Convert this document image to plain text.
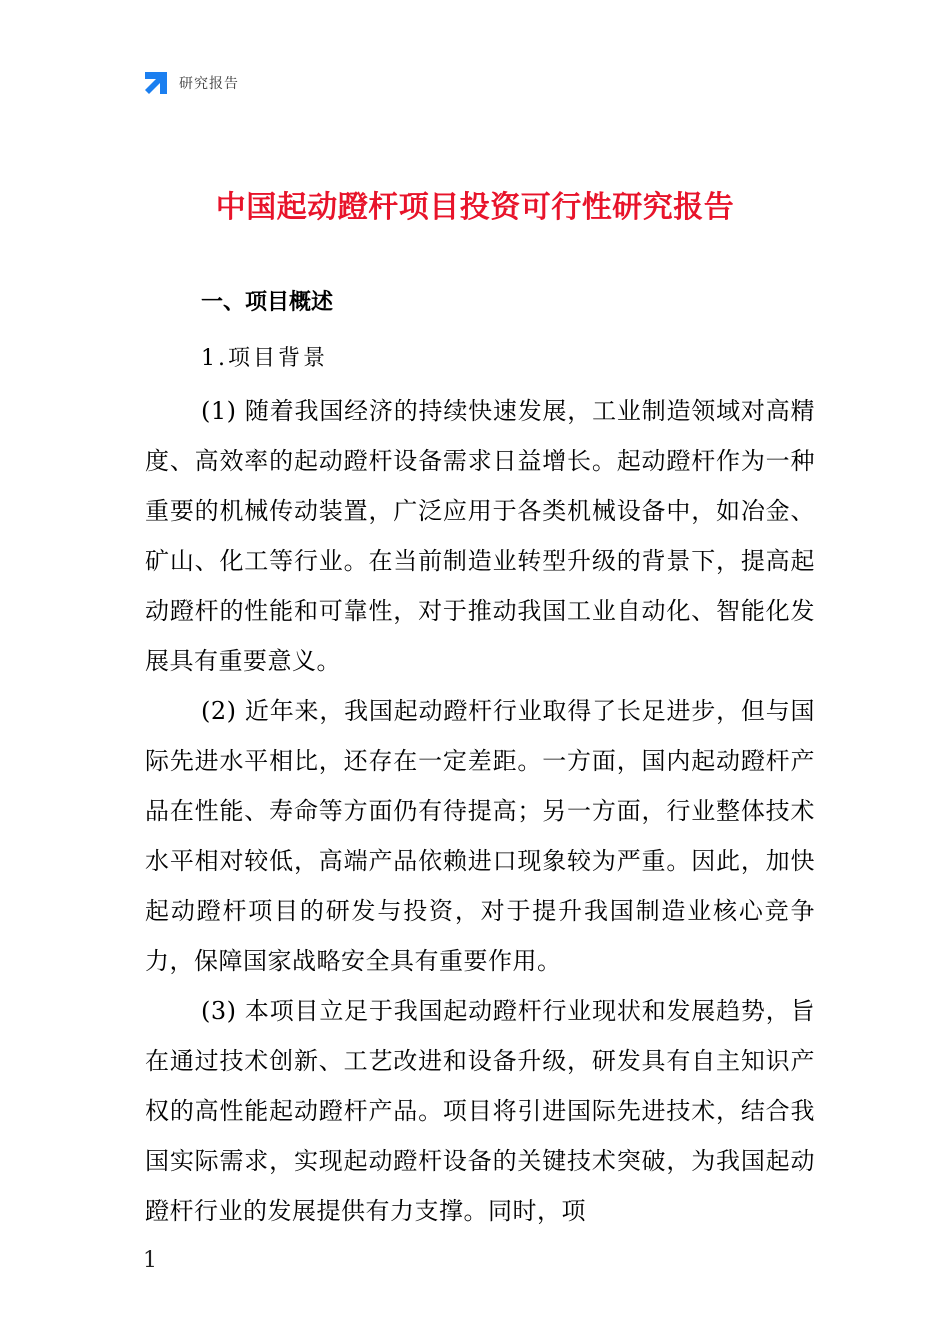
研究报告
中国起动蹬杆项目投资可行性研究报告
一、项目概述
1.项目背景

(1) 随着我国经济的持续快速发展，工业制造领域对高精度、高效率的起动蹬杆设备需求日益增长。起动蹬杆作为一种重要的机械传动装置，广泛应用于各类机械设备中，如冶金、矿山、化工等行业。在当前制造业转型升级的背景下，提高起动蹬杆的性能和可靠性，对于推动我国工业自动化、智能化发展具有重要意义。

(2) 近年来，我国起动蹬杆行业取得了长足进步，但与国际先进水平相比，还存在一定差距。一方面，国内起动蹬杆产品在性能、寿命等方面仍有待提高；另一方面，行业整体技术水平相对较低，高端产品依赖进口现象较为严重。因此，加快起动蹬杆项目的研发与投资，对于提升我国制造业核心竞争力，保障国家战略安全具有重要作用。

(3) 本项目立足于我国起动蹬杆行业现状和发展趋势，旨在通过技术创新、工艺改进和设备升级，研发具有自主知识产权的高性能起动蹬杆产品。项目将引进国际先进技术，结合我国实际需求，实现起动蹬杆设备的关键技术突破，为我国起动蹬杆行业的发展提供有力支撑。同时，项

1
